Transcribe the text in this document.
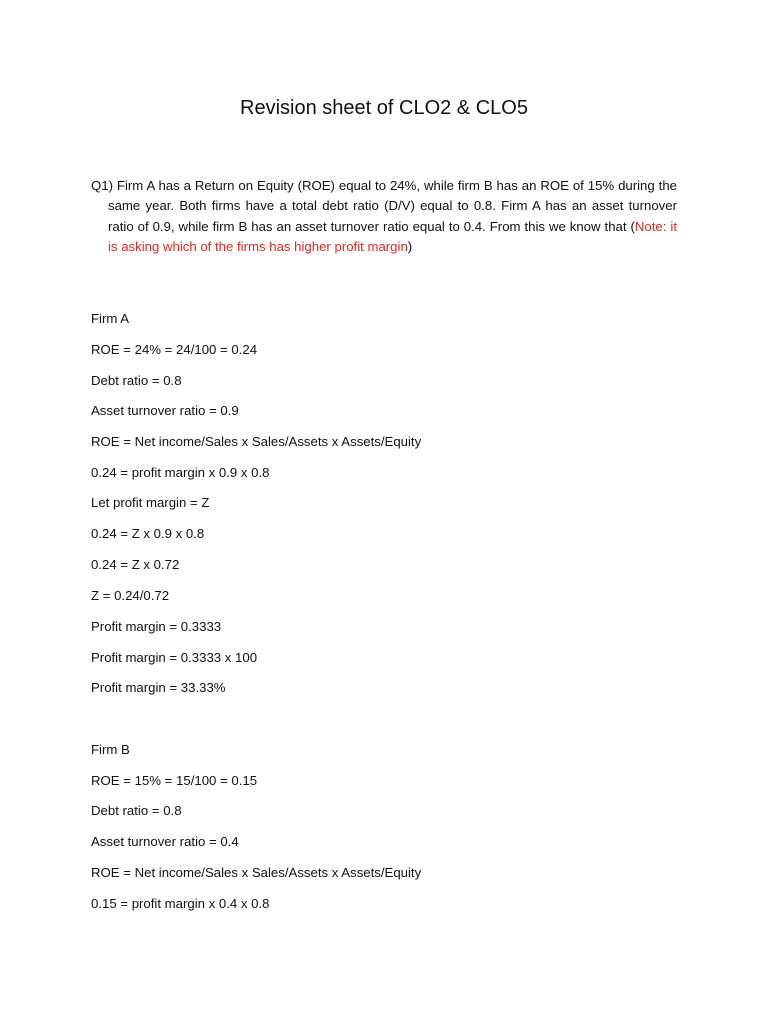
Revision sheet of CLO2 & CLO5
Q1) Firm A has a Return on Equity (ROE) equal to 24%, while firm B has an ROE of 15% during the same year. Both firms have a total debt ratio (D/V) equal to 0.8. Firm A has an asset turnover ratio of 0.9, while firm B has an asset turnover ratio equal to 0.4. From this we know that (Note: it is asking which of the firms has higher profit margin)
Firm A
ROE = 24% = 24/100 = 0.24
Debt ratio = 0.8
Asset turnover ratio = 0.9
ROE = Net income/Sales x Sales/Assets x Assets/Equity
0.24 = profit margin x 0.9 x 0.8
Let profit margin = Z
0.24 = Z x 0.9 x 0.8
0.24 = Z x 0.72
Z = 0.24/0.72
Profit margin = 0.3333
Profit margin = 0.3333 x 100
Profit margin = 33.33%
Firm B
ROE = 15% = 15/100 = 0.15
Debt ratio = 0.8
Asset turnover ratio = 0.4
ROE = Net income/Sales x Sales/Assets x Assets/Equity
0.15 = profit margin x 0.4 x 0.8
